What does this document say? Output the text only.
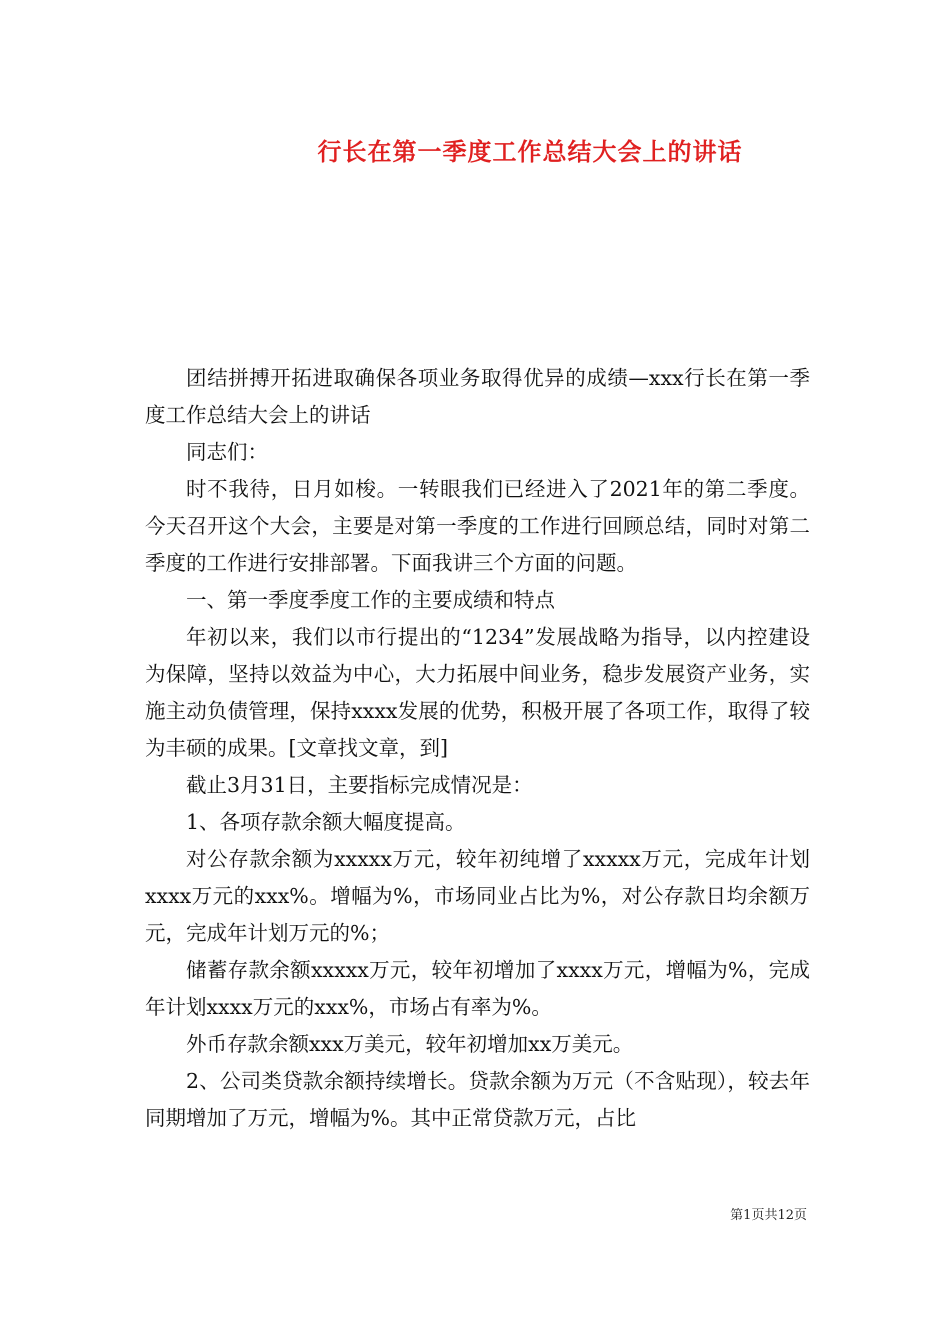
行长在第一季度工作总结大会上的讲话

团结拼搏开拓进取确保各项业务取得优异的成绩—xxx行长在第一季度工作总结大会上的讲话

同志们：

时不我待，日月如梭。一转眼我们已经进入了2021年的第二季度。今天召开这个大会，主要是对第一季度的工作进行回顾总结，同时对第二季度的工作进行安排部署。下面我讲三个方面的问题。

一、第一季度季度工作的主要成绩和特点

年初以来，我们以市行提出的“1234”发展战略为指导，以内控建设为保障，坚持以效益为中心，大力拓展中间业务，稳步发展资产业务，实施主动负债管理，保持xxxx发展的优势，积极开展了各项工作，取得了较为丰硕的成果。[文章找文章，到]

截止3月31日，主要指标完成情况是：

1、各项存款余额大幅度提高。

对公存款余额为xxxxx万元，较年初纯增了xxxxx万元，完成年计划xxxx万元的xxx%。增幅为%，市场同业占比为%，对公存款日均余额万元，完成年计划万元的%；

储蓄存款余额xxxxx万元，较年初增加了xxxx万元，增幅为%，完成年计划xxxx万元的xxx%，市场占有率为%。

外币存款余额xxx万美元，较年初增加xx万美元。

2、公司类贷款余额持续增长。贷款余额为万元（不含贴现），较去年同期增加了万元，增幅为%。其中正常贷款万元，占比

第1页共12页
